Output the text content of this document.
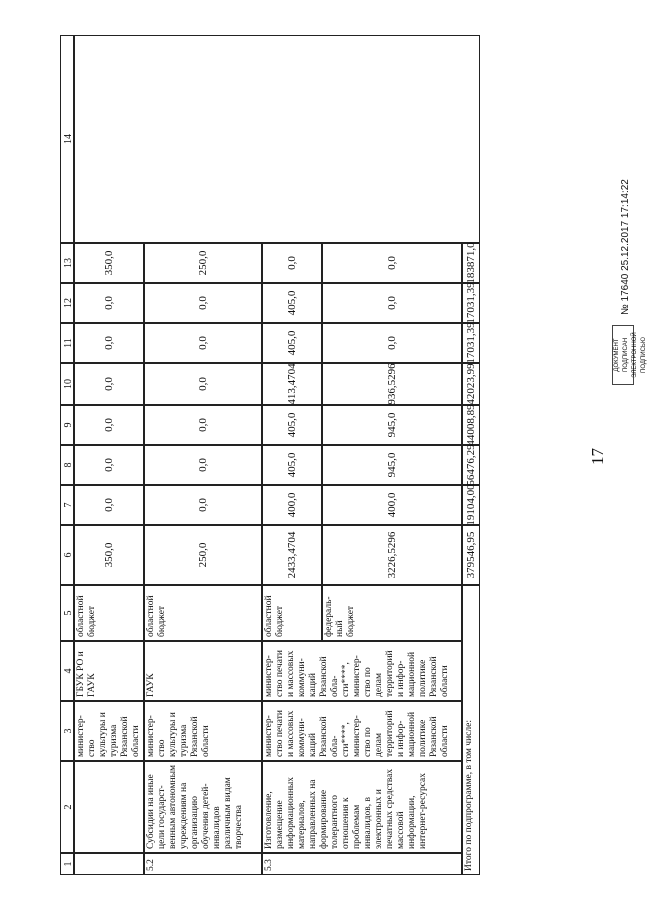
1
2
3
4
5
6
7
8
9
10
11
12
13
14
министер-ство культуры и туризма Рязанской области
ГБУК РО и ГАУК
областной бюджет
350,0
0,0
0,0
0,0
0,0
0,0
0,0
350,0
5.2
Субсидии на иные цели государст-венным автономным учреждениям на организацию обучения детей-инвалидов различным видам творчества
министер-ство культуры и туризма Рязанской области
ГАУК
областной бюджет
250,0
0,0
0,0
0,0
0,0
0,0
0,0
250,0
5.3
Изготовление, размещение информационных материалов, направленных на формирование толерантного отношения к проблемам инвалидов, в электронных и печатных средствах массовой информации, интернет-ресурсах
министер-ство печати и массовых коммуни-каций Рязанской обла-сти****, министер-ство по делам территорий и инфор-мационной политике Рязанской области
министер-ство печати и массовых коммуни-каций Рязанской обла-сти****, министер-ство по делам территорий и инфор-мационной политике Рязанской области
областной бюджет
2433,4704
400,0
405,0
405,0
413,4704
405,0
405,0
0,0
федераль-ный бюджет
3226,5296
400,0
945,0
945,0
936,5296
0,0
0,0
0,0
Итого по подпрограмме, в том числе:
379546,95
19104,00
56476,29
44008,89
42023,99
17031,39
17031,39
183871,0
17
ДОКУМЕНТ ПОДПИСАН ЭЛЕКТРОННОЙ ПОДПИСЬЮ
№ 17640 25.12.2017 17:14:22
